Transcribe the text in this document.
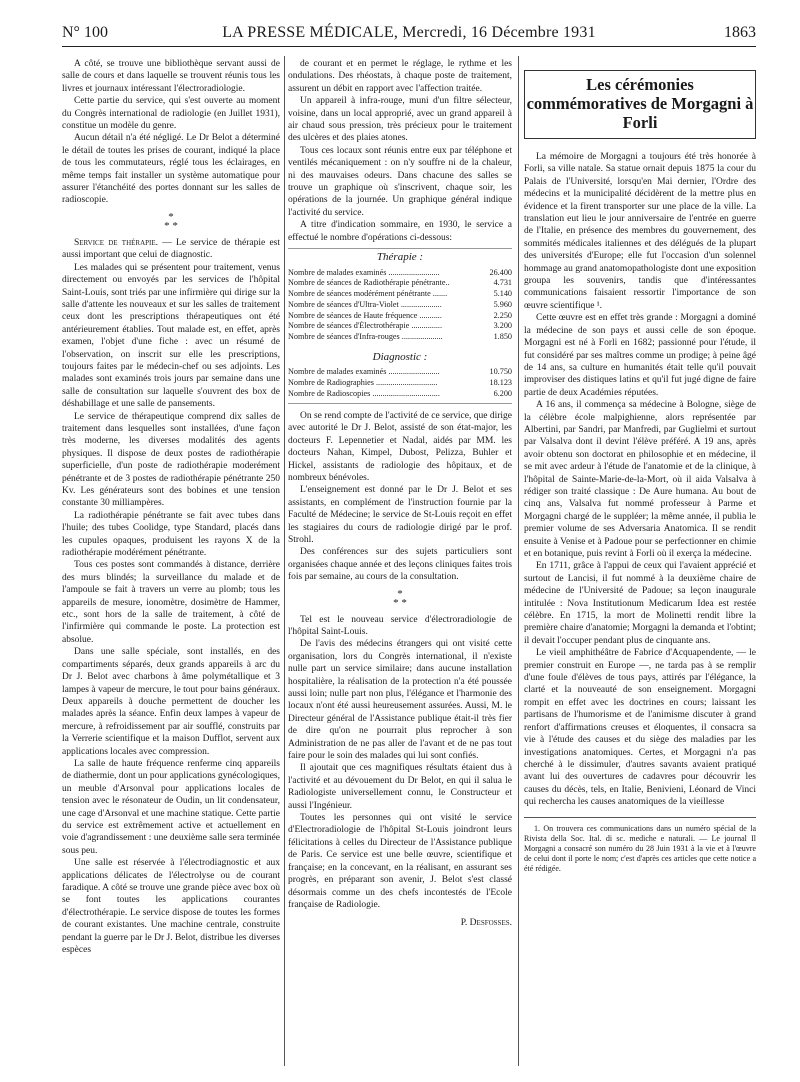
N° 100	LA PRESSE MÉDICALE, Mercredi, 16 Décembre 1931	1863

A côté, se trouve une bibliothèque servant aussi de salle de cours et dans laquelle se trouvent réunis tous les livres et journaux intéressant l'électroradiologie.

Cette partie du service, qui s'est ouverte au moment du Congrès international de radiologie (en Juillet 1931), constitue un modèle du genre.

Aucun détail n'a été négligé. Le Dr Belot a déterminé le détail de toutes les prises de courant, indiqué la place de tous les commutateurs, réglé tous les éclairages, en même temps fait installer un système automatique pour assurer l'étanchéité des portes donnant sur les salles de radioscopie.

*
* *

Service de thérapie. — Le service de thérapie est aussi important que celui de diagnostic.

Les malades qui se présentent pour traitement, venus directement ou envoyés par les services de l'hôpital Saint-Louis, sont triés par une infirmière qui dirige sur la salle d'attente les nouveaux et sur les salles de traitement ceux dont les prescriptions thérapeutiques ont été antérieurement établies. Tout malade est, en effet, après examen, l'objet d'une fiche : avec un résumé de l'observation, on inscrit sur elle les prescriptions, toujours faites par le médecin-chef ou ses adjoints. Les malades sont examinés trois jours par semaine dans une salle de consultation sur laquelle s'ouvrent des box de déshabillage et une salle de pansements.

Le service de thérapeutique comprend dix salles de traitement dans lesquelles sont installées, d'une façon très moderne, les diverses modalités des agents physiques. Il dispose de deux postes de radiothérapie superficielle, d'un poste de radiothérapie moderément pénétrante et de 3 postes de radiothérapie pénétrante 250 Kv. Les générateurs sont des bobines et une tension constante 30 milliampères.

La radiothérapie pénétrante se fait avec tubes dans l'huile; des tubes Coolidge, type Standard, placés dans les cupules opaques, produisent les rayons X de la radiothérapie modérément pénétrante.

Tous ces postes sont commandés à distance, derrière des murs blindés; la surveillance du malade et de l'ampoule se fait à travers un verre au plomb; tous les appareils de mesure, ionomètre, dosimètre de Hammer, etc., sont hors de la salle de traitement, à côté de l'infirmière qui commande le poste. La protection est absolue.

Dans une salle spéciale, sont installés, en des compartiments séparés, deux grands appareils à arc du Dr J. Belot avec charbons à âme polymétallique et 3 lampes à vapeur de mercure, le tout pour bains généraux. Deux appareils à douche permettent de doucher les malades après la séance. Enfin deux lampes à vapeur de mercure, à refroidissement par air soufflé, construits par la Verrerie scientifique et la maison Dufflot, servent aux applications locales avec compression.

La salle de haute fréquence renferme cinq appareils de diathermie, dont un pour applications gynécologiques, un meuble d'Arsonval pour applications locales de tension avec le résonateur de Oudin, un lit condensateur, une cage d'Arsonval et une machine statique. Cette partie du service est extrêmement active et actuellement en voie d'agrandissement : une deuxième salle sera terminée sous peu.

Une salle est réservée à l'électrodiagnostic et aux applications délicates de l'électrolyse ou de courant faradique. A côté se trouve une grande pièce avec box où se font toutes les applications courantes d'électrothérapie. Le service dispose de toutes les formes de courant existantes. Une machine centrale, construite pendant la guerre par le Dr J. Belot, distribue les diverses espèces

de courant et en permet le réglage, le rythme et les ondulations. Des rhéostats, à chaque poste de traitement, assurent un débit en rapport avec l'affection traitée.

Un appareil à infra-rouge, muni d'un filtre sélecteur, voisine, dans un local approprié, avec un grand appareil à air chaud sous pression, très précieux pour le traitement des ulcères et des plaies atones.

Tous ces locaux sont réunis entre eux par téléphone et ventilés mécaniquement : on n'y souffre ni de la chaleur, ni des mauvaises odeurs. Dans chacune des salles se trouve un graphique où s'inscrivent, chaque soir, les opérations de la journée. Un graphique général indique l'activité du service.

A titre d'indication sommaire, en 1930, le service a effectué le nombre d'opérations ci-dessous:

Thérapie :
Nombre de malades examinés .........................	26.400
Nombre de séances de Radiothérapie pénétrante..	4.731
Nombre de séances modérément pénétrante .......	5.140
Nombre de séances d'Ultra-Violet ....................	5.960
Nombre de séances de Haute fréquence ...........	2.250
Nombre de séances d'Électrothérapie ...............	3.200
Nombre de séances d'Infra-rouges ....................	1.850
Diagnostic :
Nombre de malades examinés .........................	10.750
Nombre de Radiographies ..............................	18.123
Nombre de Radioscopies .................................	6.200

On se rend compte de l'activité de ce service, que dirige avec autorité le Dr J. Belot, assisté de son état-major, les docteurs F. Lepennetier et Nadal, aidés par MM. les docteurs Nahan, Kimpel, Dubost, Pelizza, Buhler et Hickel, assistants de radiologie des hôpitaux, et de nombreux bénévoles.

L'enseignement est donné par le Dr J. Belot et ses assistants, en complément de l'instruction fournie par la Faculté de Médecine; le service de St-Louis reçoit en effet les stagiaires du cours de radiologie dirigé par le prof. Strohl.

Des conférences sur des sujets particuliers sont organisées chaque année et des leçons cliniques faites trois fois par semaine, au cours de la consultation.

*
* *

Tel est le nouveau service d'électroradiologie de l'hôpital Saint-Louis.

De l'avis des médecins étrangers qui ont visité cette organisation, lors du Congrès international, il n'existe nulle part un service similaire; dans aucune installation hospitalière, la réalisation de la protection n'a été poussée aussi loin; nulle part non plus, l'élégance et l'harmonie des locaux n'ont été aussi heureusement assurées. Aussi, M. le Directeur général de l'Assistance publique était-il très fier de dire qu'on ne pourrait plus reprocher à son Administration de ne pas aller de l'avant et de ne pas tout faire pour le soin des malades qui lui sont confiés.

Il ajoutait que ces magnifiques résultats étaient dus à l'activité et au dévouement du Dr Belot, en qui il salua le Radiologiste universellement connu, le Constructeur et aussi l'Ingénieur.

Toutes les personnes qui ont visité le service d'Electroradiologie de l'hôpital St-Louis joindront leurs félicitations à celles du Directeur de l'Assistance publique de Paris. Ce service est une belle œuvre, scientifique et française; en la concevant, en la réalisant, en assurant ses progrès, en préparant son avenir, J. Belot s'est classé désormais comme un des chefs incontestés de l'Ecole française de Radiologie.

P. Desfosses.
Les cérémonies commémoratives de Morgagni à Forli

La mémoire de Morgagni a toujours été très honorée à Forli, sa ville natale. Sa statue ornait depuis 1875 la cour du Palais de l'Université, lorsqu'en Mai dernier, l'Ordre des médecins et la municipalité décidèrent de la mettre plus en évidence et la firent transporter sur une place de la ville. La translation eut lieu le jour anniversaire de l'entrée en guerre de l'Italie, en présence des membres du gouvernement, des sommités médicales italiennes et des délégués de la plupart des universités d'Europe; elle fut l'occasion d'un solennel hommage au grand anatomopathologiste dont une exposition groupa les souvenirs, tandis que d'intéressantes communications faisaient ressortir l'importance de son œuvre scientifique ¹.

Cette œuvre est en effet très grande : Morgagni a dominé la médecine de son pays et aussi celle de son époque. Morgagni est né à Forli en 1682; passionné pour l'étude, il fut considéré par ses maîtres comme un prodige; à peine âgé de 14 ans, sa culture en humanités était telle qu'il pouvait improviser des distiques latins et qu'il fut jugé digne de faire partie de deux Académies réputées.

A 16 ans, il commença sa médecine à Bologne, siège de la célèbre école malpighienne, alors représentée par Albertini, par Sandri, par Manfredi, par Guglielmi et surtout par Valsalva dont il devint l'élève préféré. A 19 ans, après avoir obtenu son doctorat en philosophie et en médecine, il se mit avec ardeur à l'étude de l'anatomie et de la clinique, à l'hôpital de Sainte-Marie-de-la-Mort, où il aida Valsalva à rédiger son traité classique : De Aure humana. Au bout de cinq ans, Valsalva fut nommé professeur à Parme et Morgagni chargé de le suppléer; la même année, il publia le premier volume de ses Adversaria Anatomica. Il se rendit ensuite à Venise et à Padoue pour se perfectionner en chimie et en botanique, puis revint à Forli où il exerça la médecine.

En 1711, grâce à l'appui de ceux qui l'avaient apprécié et surtout de Lancisi, il fut nommé à la deuxième chaire de médecine de l'Université de Padoue; sa leçon inaugurale intitulée : Nova Institutionum Medicarum Idea est restée célèbre. En 1715, la mort de Molinetti rendit libre la première chaire d'anatomie; Morgagni la demanda et l'obtint; il devait l'occuper pendant plus de cinquante ans.

Le vieil amphithéâtre de Fabrice d'Acquapendente, — le premier construit en Europe —, ne tarda pas à se remplir d'une foule d'élèves de tous pays, attirés par l'élégance, la clarté et la nouveauté de son enseignement. Morgagni rompit en effet avec les doctrines en cours; laissant les partisans de l'humorisme et de l'animisme discuter à grand renfort d'affirmations creuses et éloquentes, il consacra sa vie à l'étude des causes et du siège des maladies par les investigations anatomiques. Certes, et Morgagni n'a pas cherché à le dissimuler, d'autres savants avaient pratiqué avant lui des ouvertures de cadavres pour découvrir les causes du décès, tels, en Italie, Benivieni, Léonard de Vinci qui recherchа les causes anatomiques de la vieillesse

1. On trouvera ces communications dans un numéro spécial de la Rivista della Soc. Ital. di sc. mediche e naturali. — Le journal Il Morgagni a consacré son numéro du 28 Juin 1931 à la vie et à l'œuvre de celui dont il porte le nom; c'est d'après ces articles que cette notice a été rédigée.
